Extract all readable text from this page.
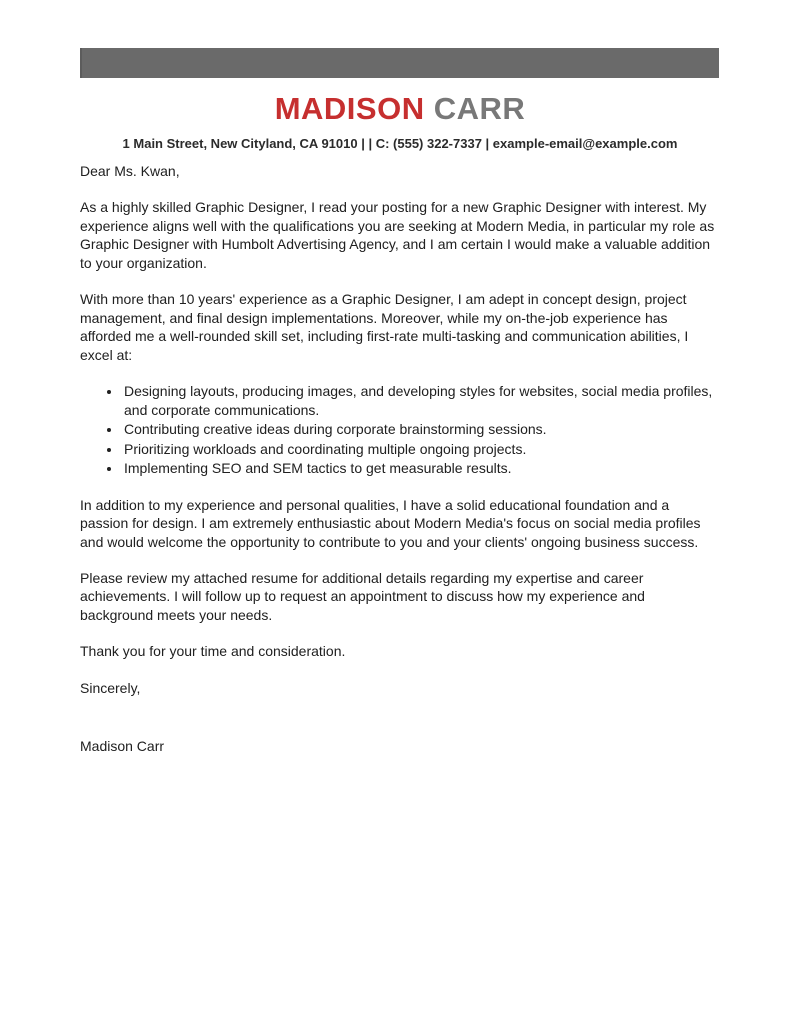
MADISON CARR
1 Main Street, New Cityland, CA 91010 | | C: (555) 322-7337 | example-email@example.com

Dear Ms. Kwan,

As a highly skilled Graphic Designer, I read your posting for a new Graphic Designer with interest. My experience aligns well with the qualifications you are seeking at Modern Media, in particular my role as Graphic Designer with Humbolt Advertising Agency, and I am certain I would make a valuable addition to your organization.

With more than 10 years' experience as a Graphic Designer, I am adept in concept design, project management, and final design implementations. Moreover, while my on-the-job experience has afforded me a well-rounded skill set, including first-rate multi-tasking and communication abilities, I excel at:

• Designing layouts, producing images, and developing styles for websites, social media profiles, and corporate communications.
• Contributing creative ideas during corporate brainstorming sessions.
• Prioritizing workloads and coordinating multiple ongoing projects.
• Implementing SEO and SEM tactics to get measurable results.

In addition to my experience and personal qualities, I have a solid educational foundation and a passion for design. I am extremely enthusiastic about Modern Media's focus on social media profiles and would welcome the opportunity to contribute to you and your clients' ongoing business success.

Please review my attached resume for additional details regarding my expertise and career achievements. I will follow up to request an appointment to discuss how my experience and background meets your needs.

Thank you for your time and consideration.

Sincerely,

Madison Carr
